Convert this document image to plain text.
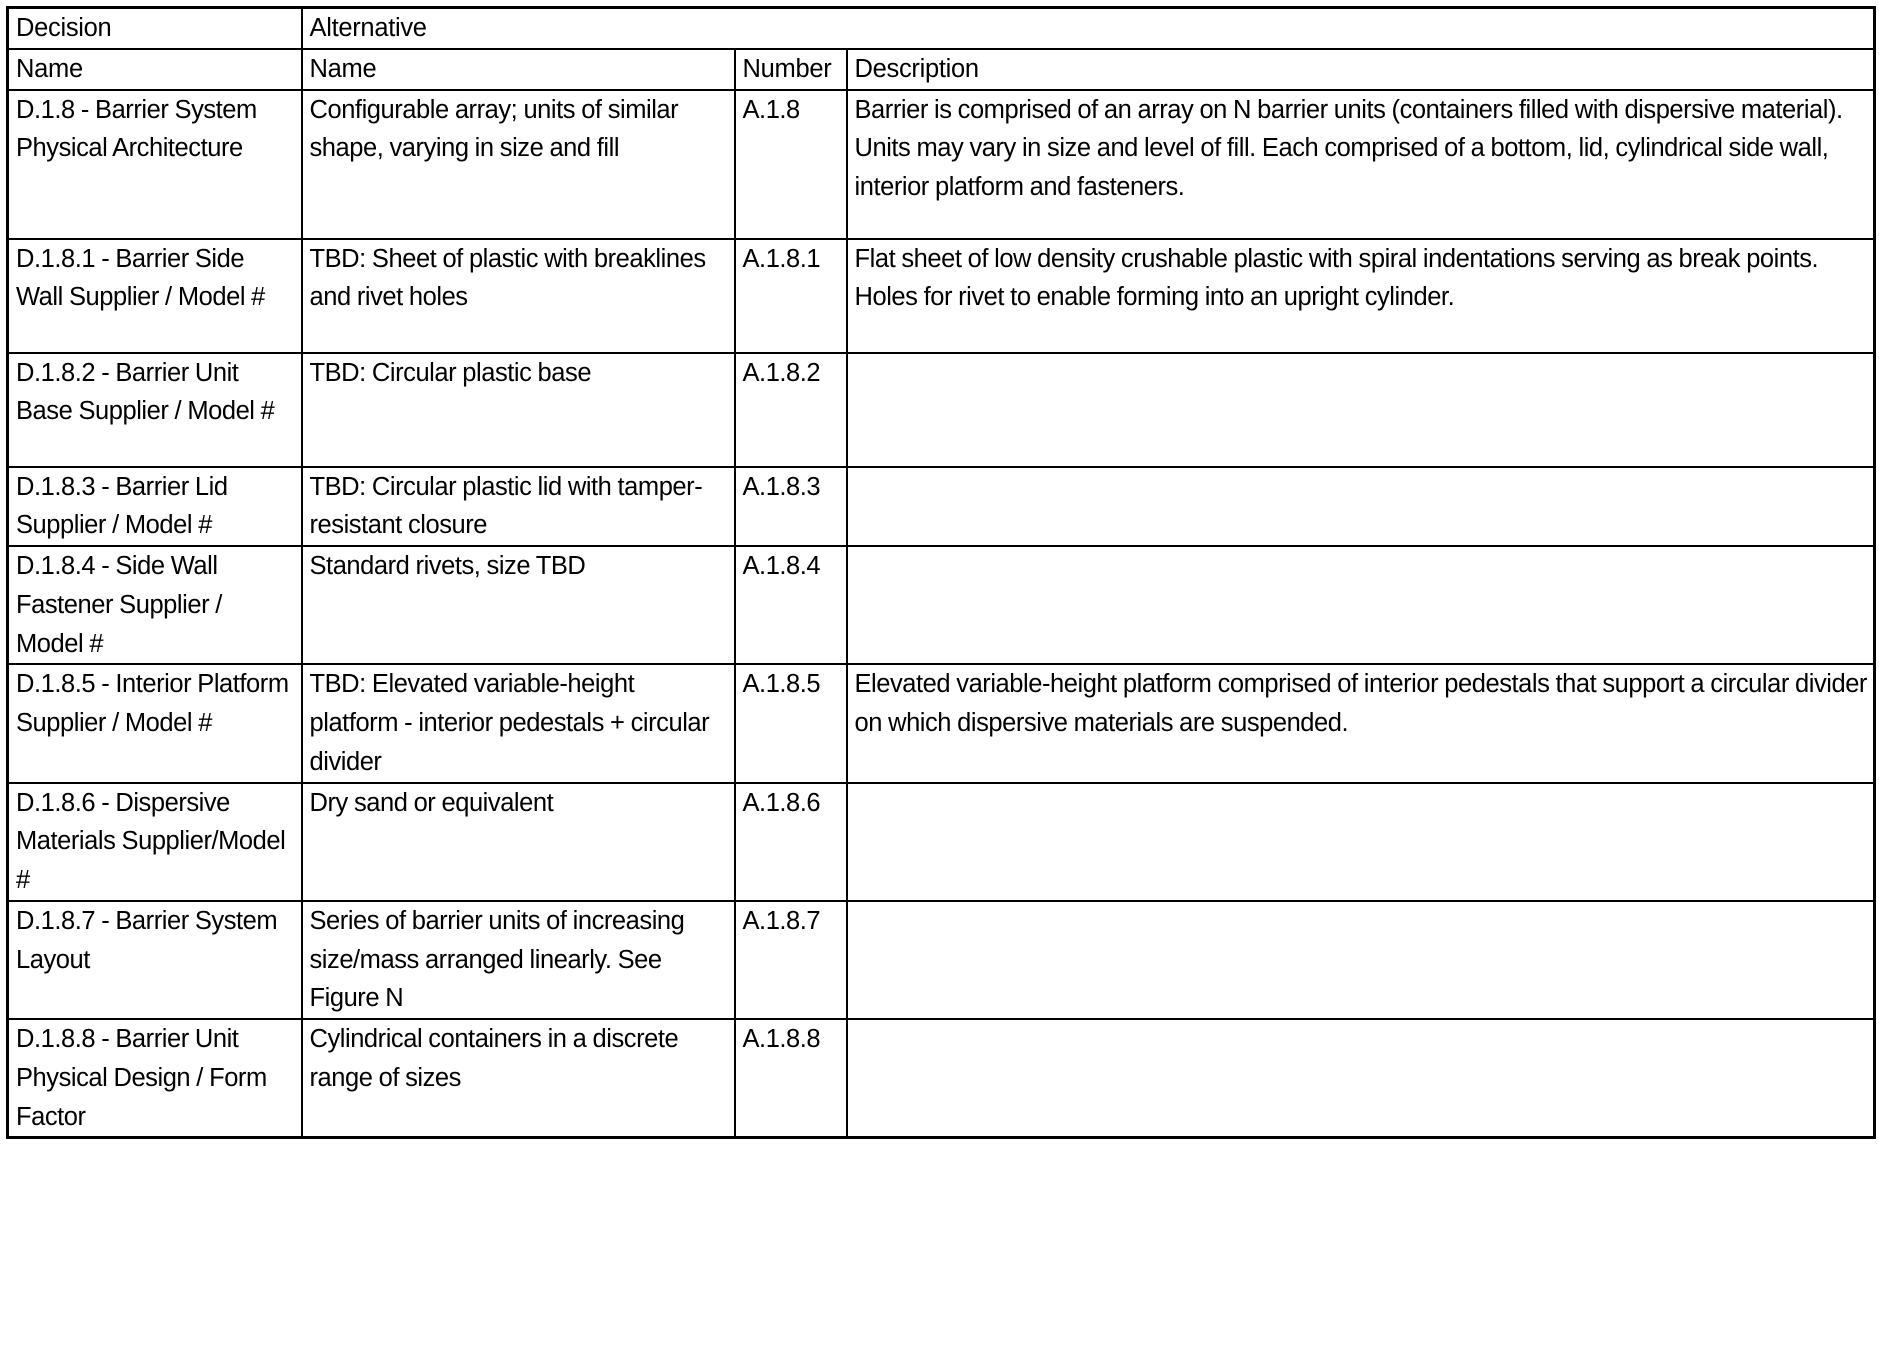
Decision	Alternative		

Name	Name	Number	Description

D.1.8 - Barrier System Physical Architecture	Configurable array; units of similar shape, varying in size and fill	A.1.8	Barrier is comprised of an array on N barrier units (containers filled with dispersive material). Units may vary in size and level of fill. Each comprised of a bottom, lid, cylindrical side wall, interior platform and fasteners.

D.1.8.1 - Barrier Side Wall Supplier / Model #	TBD: Sheet of plastic with breaklines and rivet holes	A.1.8.1	Flat sheet of low density crushable plastic with spiral indentations serving as break points. Holes for rivet to enable forming into an upright cylinder.

D.1.8.2 - Barrier Unit Base Supplier / Model #	TBD: Circular plastic base	A.1.8.2	

D.1.8.3 - Barrier Lid Supplier / Model #	TBD: Circular plastic lid with tamper-resistant closure	A.1.8.3	

D.1.8.4 - Side Wall Fastener Supplier / Model #	Standard rivets, size TBD	A.1.8.4	

D.1.8.5 - Interior Platform Supplier / Model #	TBD: Elevated variable-height platform - interior pedestals + circular divider	A.1.8.5	Elevated variable-height platform comprised of interior pedestals that support a circular divider on which dispersive materials are suspended.

D.1.8.6 - Dispersive Materials Supplier/Model #	Dry sand or equivalent	A.1.8.6	

D.1.8.7 - Barrier System Layout	Series of barrier units of increasing size/mass arranged linearly. See Figure N	A.1.8.7	

D.1.8.8 - Barrier Unit Physical Design / Form Factor	Cylindrical containers in a discrete range of sizes	A.1.8.8	
